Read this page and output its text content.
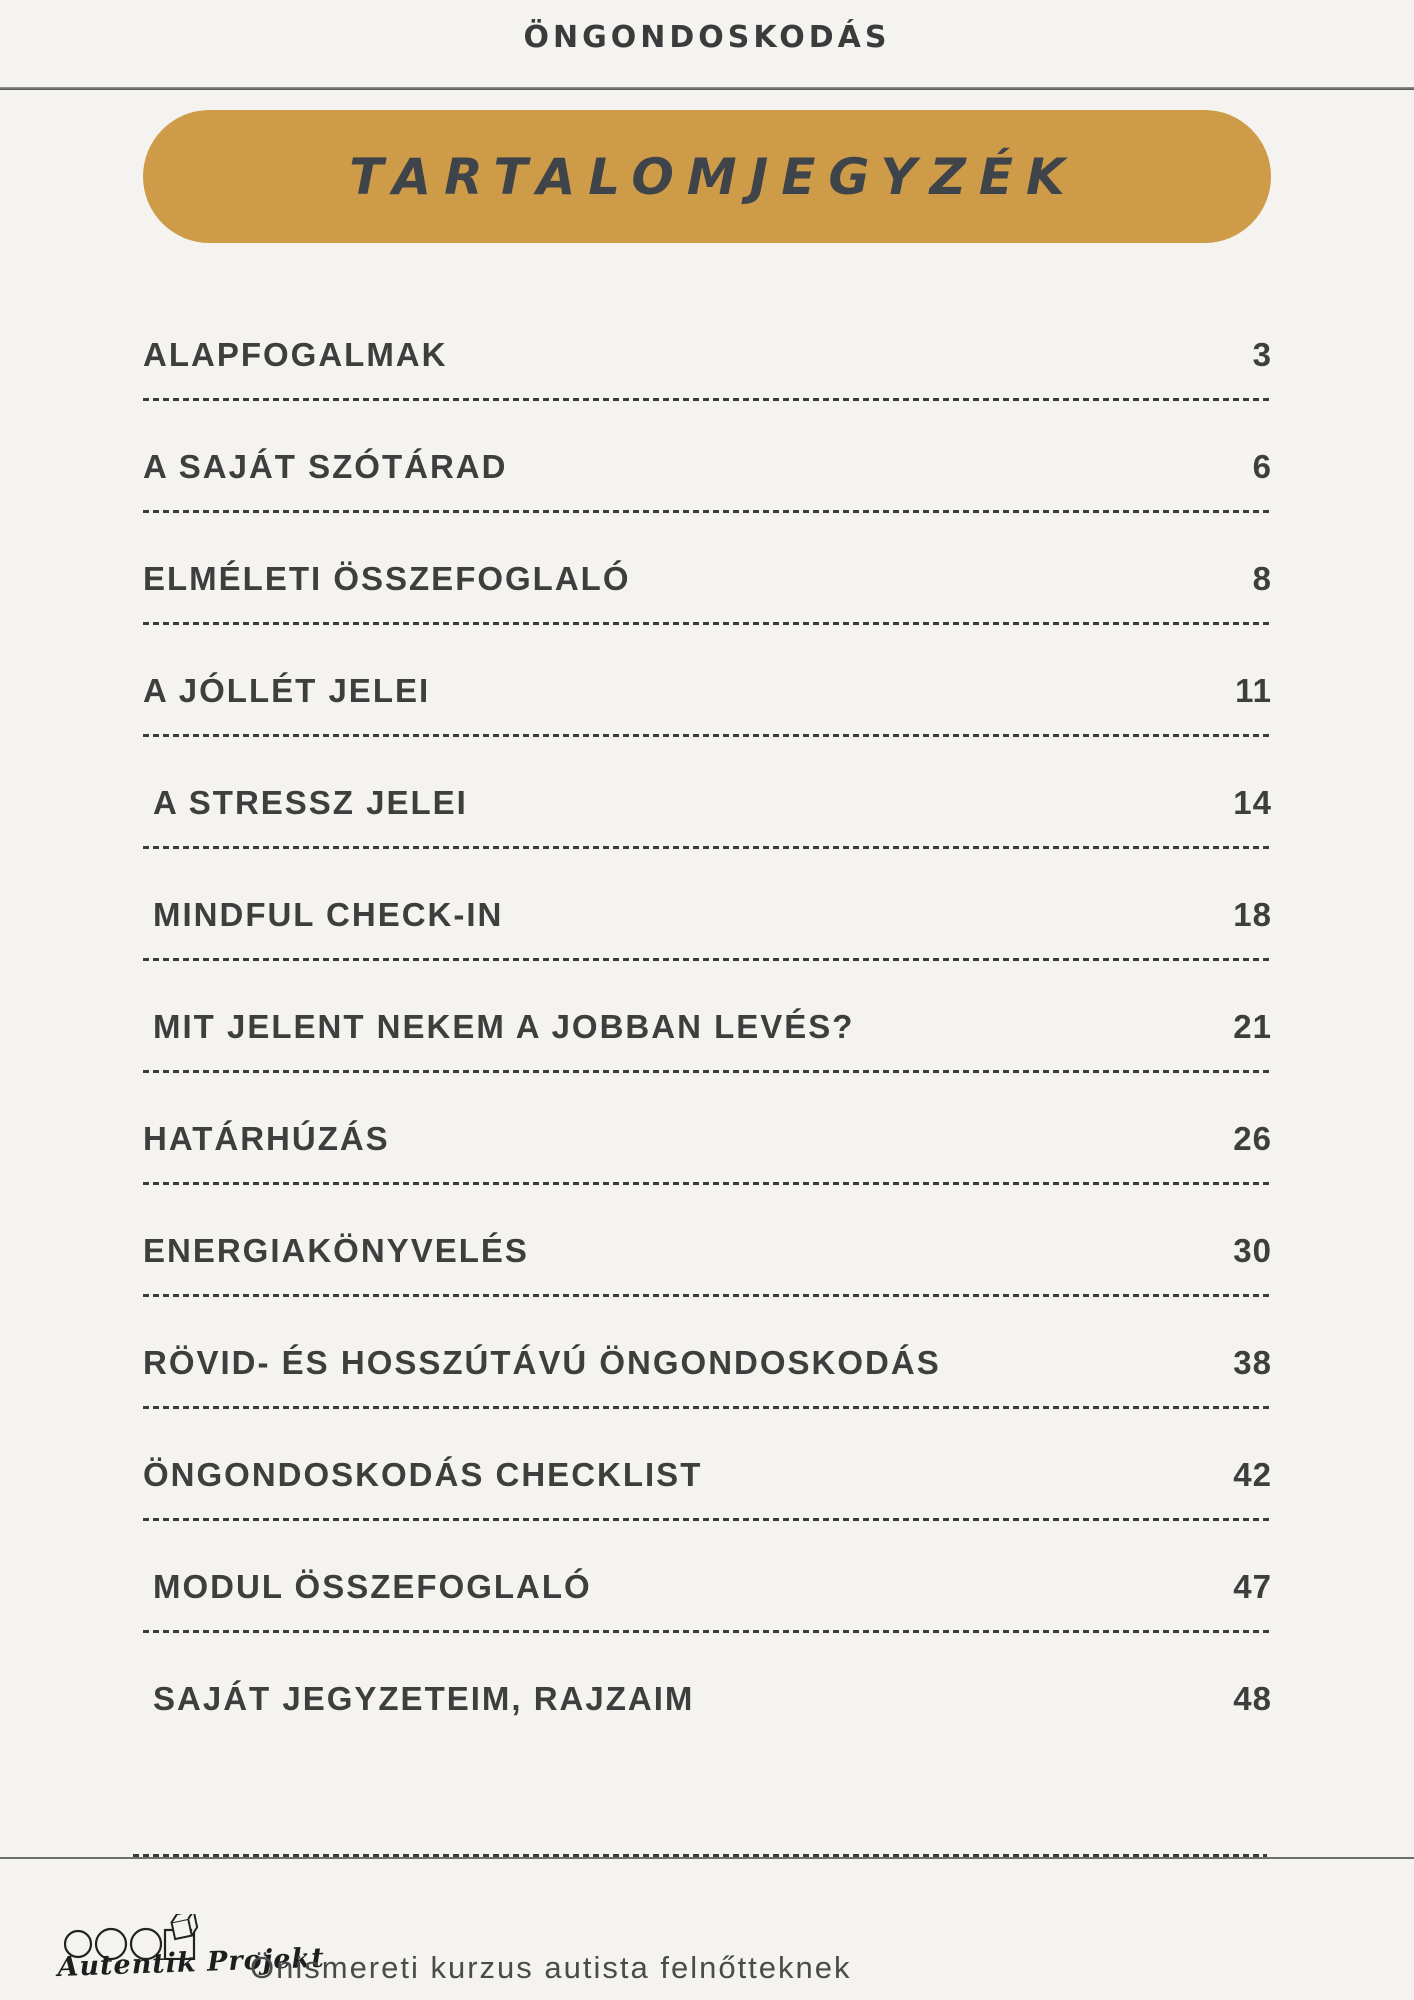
ÖNGONDOSKODÁS
TARTALOMJEGYZÉK
ALAPFOGALMAK	3
A SAJÁT SZÓTÁRAD	6
ELMÉLETI ÖSSZEFOGLALÓ	8
A JÓLLÉT JELEI	11
A STRESSZ JELEI	14
MINDFUL CHECK-IN	18
MIT JELENT NEKEM A JOBBAN LEVÉS?	21
HATÁRHÚZÁS	26
ENERGIAKÖNYVELÉS	30
RÖVID- ÉS HOSSZÚTÁVÚ ÖNGONDOSKODÁS	38
ÖNGONDOSKODÁS CHECKLIST	42
MODUL ÖSSZEFOGLALÓ	47
SAJÁT JEGYZETEIM, RAJZAIM	48
Autentik Projekt
Önismereti kurzus autista felnőtteknek
